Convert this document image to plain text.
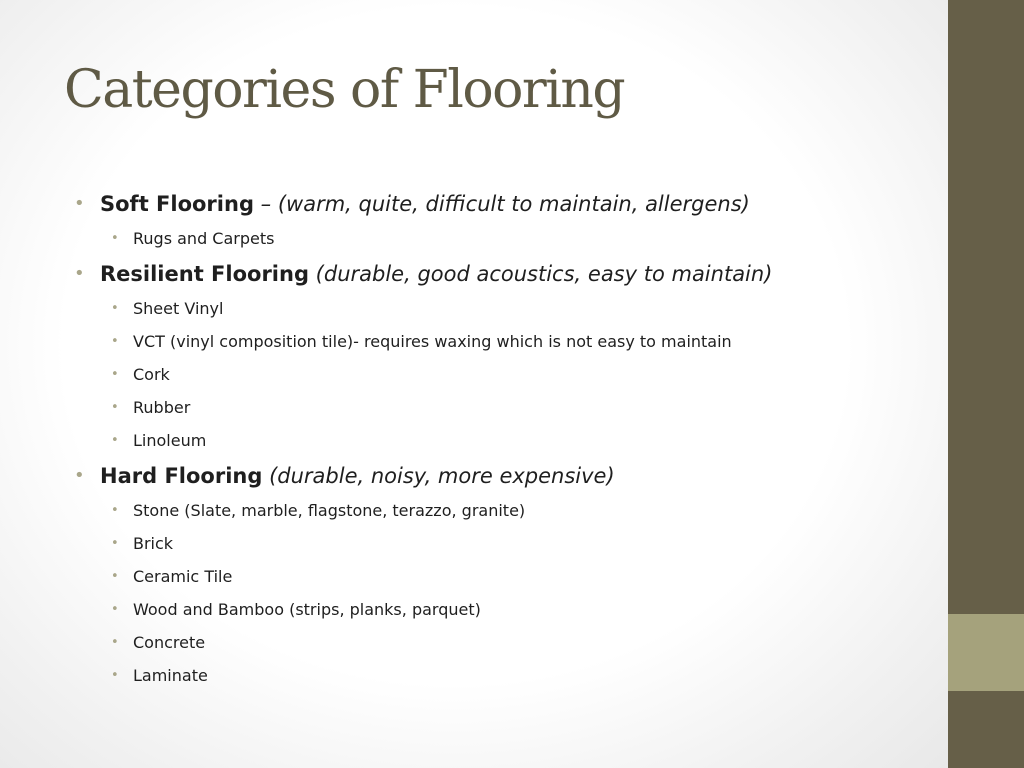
Categories of Flooring
• Soft Flooring – (warm, quite, difficult to maintain, allergens)
• Rugs and Carpets
• Resilient Flooring (durable, good acoustics, easy to maintain)
• Sheet Vinyl
• VCT (vinyl composition tile)- requires waxing which is not easy to maintain
• Cork
• Rubber
• Linoleum
• Hard Flooring (durable, noisy, more expensive)
• Stone (Slate, marble, flagstone, terazzo, granite)
• Brick
• Ceramic Tile
• Wood and Bamboo (strips, planks, parquet)
• Concrete
• Laminate
